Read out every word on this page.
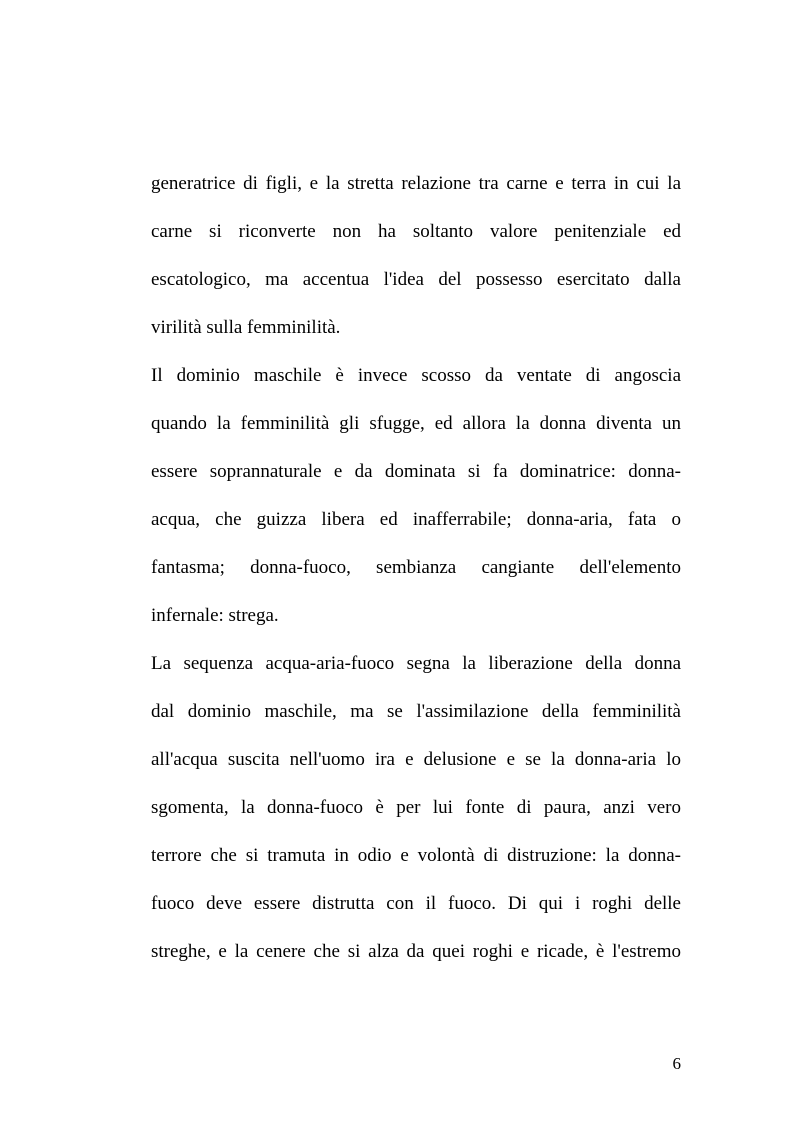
generatrice di figli, e la stretta relazione tra carne e terra in cui la
carne si riconverte non ha soltanto valore penitenziale ed
escatologico, ma accentua l'idea del possesso esercitato dalla
virilità sulla femminilità.
Il dominio maschile è invece scosso da ventate di angoscia
quando la femminilità gli sfugge, ed allora la donna diventa un
essere soprannaturale e da dominata si fa dominatrice: donna-
acqua, che guizza libera ed inafferrabile; donna-aria, fata o
fantasma; donna-fuoco, sembianza cangiante dell'elemento
infernale: strega.
La sequenza acqua-aria-fuoco segna la liberazione della donna
dal dominio maschile, ma se l'assimilazione della femminilità
all'acqua suscita nell'uomo ira e delusione e se la donna-aria lo
sgomenta, la donna-fuoco è per lui fonte di paura, anzi vero
terrore che si tramuta in odio e volontà di distruzione: la donna-
fuoco deve essere distrutta con il fuoco. Di qui i roghi delle
streghe, e la cenere che si alza da quei roghi e ricade, è l'estremo
6
